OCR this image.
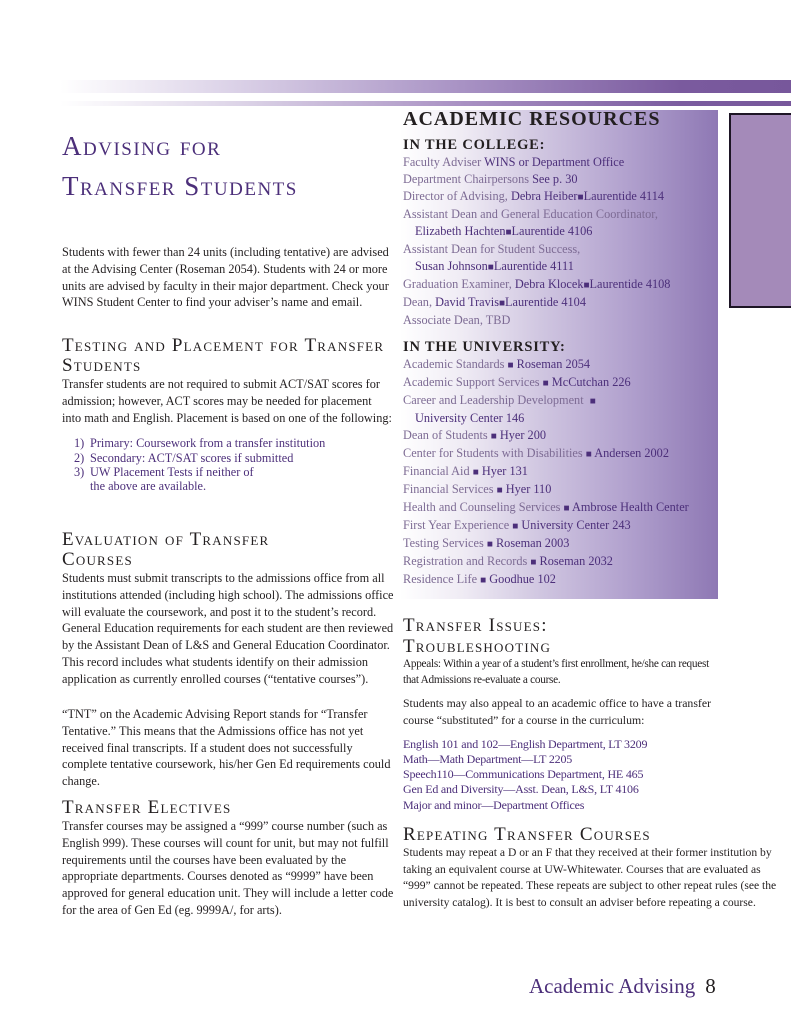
Advising for
Transfer Students

Students with fewer than 24 units (including tentative) are advised at the Advising Center (Roseman 2054). Students with 24 or more units are advised by faculty in their major department. Check your WINS Student Center to find your adviser’s name and email.

Testing and Placement for Transfer Students

Transfer students are not required to submit ACT/SAT scores for admission; however, ACT scores may be needed for placement into math and English. Placement is based on one of the following:

1) Primary: Coursework from a transfer institution
2) Secondary: ACT/SAT scores if submitted
3) UW Placement Tests if neither of the above are available.
Evaluation of Transfer Courses

Students must submit transcripts to the admissions office from all institutions attended (including high school). The admissions office will evaluate the coursework, and post it to the student’s record. General Education requirements for each student are then reviewed by the Assistant Dean of L&S and General Education Coordinator. This record includes what students identify on their admission application as currently enrolled courses (“tentative courses”).

“TNT” on the Academic Advising Report stands for “Transfer Tentative.” This means that the Admissions office has not yet received final transcripts. If a student does not successfully complete tentative coursework, his/her Gen Ed requirements could change.

Transfer Electives

Transfer courses may be assigned a “999” course number (such as English 999). These courses will count for unit, but may not fulfill requirements until the courses have been evaluated by the appropriate departments. Courses denoted as “9999” have been approved for general education unit. They will include a letter code for the area of Gen Ed (eg. 9999A/, for arts).

ACADEMIC RESOURCES
IN THE COLLEGE:
Faculty Adviser WINS or Department Office
Department Chairpersons See p. 30
Director of Advising, Debra Heiber■Laurentide 4114
Assistant Dean and General Education Coordinator,
Elizabeth Hachten■Laurentide 4106
Assistant Dean for Student Success,
Susan Johnson■Laurentide 4111
Graduation Examiner, Debra Klocek■Laurentide 4108
Dean, David Travis■Laurentide 4104
Associate Dean, TBD
IN THE UNIVERSITY:
Academic Standards ■ Roseman 2054
Academic Support Services ■ McCutchan 226
Career and Leadership Development ■
University Center 146
Dean of Students ■ Hyer 200
Center for Students with Disabilities ■ Andersen 2002
Financial Aid ■ Hyer 131
Financial Services ■ Hyer 110
Health and Counseling Services ■ Ambrose Health Center
First Year Experience ■ University Center 243
Testing Services ■ Roseman 2003
Registration and Records ■ Roseman 2032
Residence Life ■ Goodhue 102
Transfer Issues:
Troubleshooting

Appeals: Within a year of a student’s first enrollment, he/she can request that Admissions re-evaluate a course.

Students may also appeal to an academic office to have a transfer course “substituted” for a course in the curriculum:

English 101 and 102—English Department, LT 3209
Math—Math Department—LT 2205
Speech110—Communications Department, HE 465
Gen Ed and Diversity—Asst. Dean, L&S, LT 4106
Major and minor—Department Offices
Repeating Transfer Courses

Students may repeat a D or an F that they received at their former institution by taking an equivalent course at UW-Whitewater. Courses that are evaluated as “999” cannot be repeated. These repeats are subject to other repeat rules (see the university catalog). It is best to consult an adviser before repeating a course.

Academic Advising 8
